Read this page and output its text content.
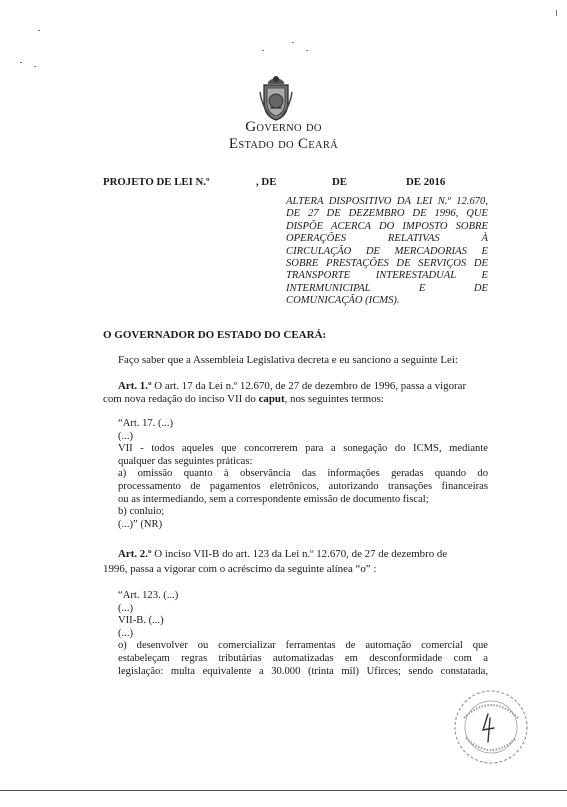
GOVERNO DO
ESTADO DO CEARÁ
PROJETO DE LEI N.º	, DE	DE	DE 2016
ALTERA DISPOSITIVO DA LEI N.º 12.670,
DE 27 DE DEZEMBRO DE 1996, QUE
DISPÕE ACERCA DO IMPOSTO SOBRE
OPERAÇÕES RELATIVAS À
CIRCULAÇÃO DE MERCADORIAS E
SOBRE PRESTAÇÕES DE SERVIÇOS DE
TRANSPORTE INTERESTADUAL E
INTERMUNICIPAL E DE
COMUNICAÇÃO (ICMS).
O GOVERNADOR DO ESTADO DO CEARÁ:
Faço saber que a Assembleia Legislativa decreta e eu sanciono a seguinte Lei:
Art. 1.º O art. 17 da Lei n.º 12.670, de 27 de dezembro de 1996, passa a vigorar
com nova redação do inciso VII do caput, nos seguintes termos:
“Art. 17. (...)
(...)
VII - todos aqueles que concorrerem para a sonegação do ICMS, mediante
qualquer das seguintes práticas:
a) omissão quanto à observância das informações geradas quando do
processamento de pagamentos eletrônicos, autorizando transações financeiras
ou as intermediando, sem a correspondente emissão de documento fiscal;
b) conluio;
(...)” (NR)
Art. 2.º O inciso VII-B do art. 123 da Lei n.º 12.670, de 27 de dezembro de
1996, passa a vigorar com o acréscimo da seguinte alínea “o” :
“Art. 123. (...)
(...)
VII-B. (...)
(...)
o) desenvolver ou comercializar ferramentas de automação comercial que
estabeleçam regras tributárias automatizadas em desconformidade com a
legislação: multa equivalente a 30.000 (trinta mil) Ufirces; sendo constatada,
